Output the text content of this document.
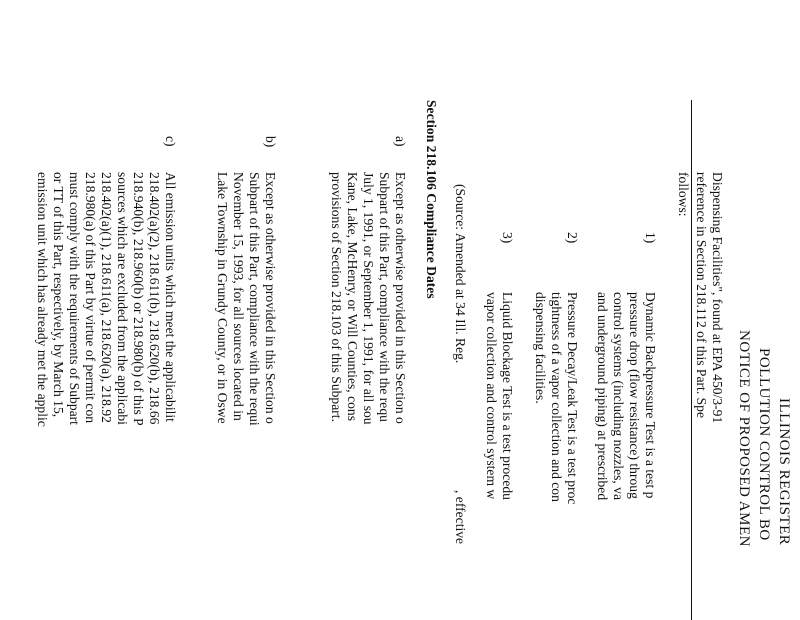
ILLINOIS REGISTER
POLLUTION CONTROL BO
NOTICE OF PROPOSED AMEN
Dispensing Facilities", found at EPA 450/3-91
reference in Section 218.112 of this Part. Spe
follows:
1)
Dynamic Backpressure Test is a test p
pressure drop (flow resistance) throug
control systems (including nozzles, va
and underground piping) at prescribed
2)
Pressure Decay/Leak Test is a test proc
tightness of a vapor collection and con
dispensing facilities.
3)
Liquid Blockage Test is a test procedu
vapor collection and control system w
(Source: Amended at 34 Ill. Reg.
, effective
Section 218.106 Compliance Dates
a)
Except as otherwise provided in this Section o
Subpart of this Part, compliance with the requ
July 1, 1991, or September 1, 1991, for all sou
Kane, Lake, McHenry, or Will Counties, cons
provisions of Section 218.103 of this Subpart.
b)
Except as otherwise provided in this Section o
Subpart of this Part, compliance with the requi
November 15, 1993, for all sources located in
Lake Township in Grundy County, or in Oswe
c)
All emission units which meet the applicabilit
218.402(a)(2), 218.611(b), 218.620(b), 218.66
218.940(b), 218.960(b) or 218.980(b) of this P
sources which are excluded from the applicabi
218.402(a)(1), 218.611(a), 218.620(a), 218.92
218.980(a) of this Part by virtue of permit con
must comply with the requirements of Subpart
or TT of this Part, respectively, by March 15,
emission unit which has already met the applic
